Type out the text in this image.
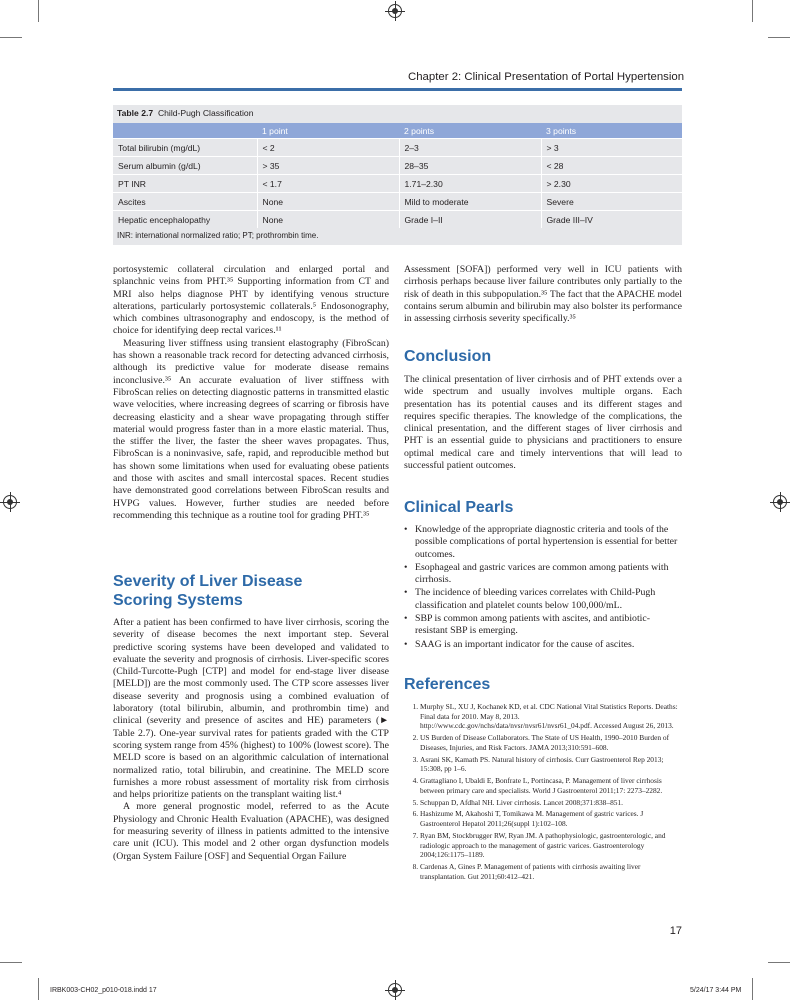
Chapter 2: Clinical Presentation of Portal Hypertension
Table 2.7 Child-Pugh Classification
	1 point	2 points	3 points
Total bilirubin (mg/dL)	< 2	2–3	> 3
Serum albumin (g/dL)	> 35	28–35	< 28
PT INR	< 1.7	1.71–2.30	> 2.30
Ascites	None	Mild to moderate	Severe
Hepatic encephalopathy	None	Grade I–II	Grade III–IV
INR: international normalized ratio; PT; prothrombin time.

portosystemic collateral circulation and enlarged portal and splanchnic veins from PHT.³⁵ Supporting information from CT and MRI also helps diagnose PHT by identifying venous structure alterations, particularly portosystemic collaterals.⁵ Endosonography, which combines ultrasonography and endoscopy, is the method of choice for identifying deep rectal varices.¹¹

Measuring liver stiffness using transient elastography (FibroScan) has shown a reasonable track record for detecting advanced cirrhosis, although its predictive value for moderate disease remains inconclusive.³⁵ An accurate evaluation of liver stiffness with FibroScan relies on detecting diagnostic patterns in transmitted elastic wave velocities, where increasing degrees of scarring or fibrosis have decreasing elasticity and a shear wave propagating through stiffer material would progress faster than in a more elastic material. Thus, the stiffer the liver, the faster the sheer waves propagates. Thus, FibroScan is a noninvasive, safe, rapid, and reproducible method but has shown some limitations when used for evaluating obese patients and those with ascites and small intercostal spaces. Recent studies have demonstrated good correlations between FibroScan results and HVPG values. However, further studies are needed before recommending this technique as a routine tool for grading PHT.³⁵

Severity of Liver Disease
Scoring Systems

After a patient has been confirmed to have liver cirrhosis, scoring the severity of disease becomes the next important step. Several predictive scoring systems have been developed and validated to evaluate the severity and prognosis of cirrhosis. Liver-specific scores (Child-Turcotte-Pugh [CTP] and model for end-stage liver disease [MELD]) are the most commonly used. The CTP score assesses liver disease severity and prognosis using a combined evaluation of laboratory (total bilirubin, albumin, and prothrombin time) and clinical (severity and presence of ascites and HE) parameters (► Table 2.7). One-year survival rates for patients graded with the CTP scoring system range from 45% (highest) to 100% (lowest score). The MELD score is based on an algorithmic calculation of international normalized ratio, total bilirubin, and creatinine. The MELD score furnishes a more robust assessment of mortality risk from cirrhosis and helps prioritize patients on the transplant waiting list.⁴

A more general prognostic model, referred to as the Acute Physiology and Chronic Health Evaluation (APACHE), was designed for measuring severity of illness in patients admitted to the intensive care unit (ICU). This model and 2 other organ dysfunction models (Organ System Failure [OSF] and Sequential Organ Failure

Assessment [SOFA]) performed very well in ICU patients with cirrhosis perhaps because liver failure contributes only partially to the risk of death in this subpopulation.³⁵ The fact that the APACHE model contains serum albumin and bilirubin may also bolster its performance in assessing cirrhosis severity specifically.³⁵

Conclusion

The clinical presentation of liver cirrhosis and of PHT extends over a wide spectrum and usually involves multiple organs. Each presentation has its potential causes and its different stages and requires specific therapies. The knowledge of the complications, the clinical presentation, and the different stages of liver cirrhosis and PHT is an essential guide to physicians and practitioners to ensure optimal medical care and timely interventions that will lead to successful patient outcomes.

Clinical Pearls
• Knowledge of the appropriate diagnostic criteria and tools of the possible complications of portal hypertension is essential for better outcomes.
• Esophageal and gastric varices are common among patients with cirrhosis.
• The incidence of bleeding varices correlates with Child-Pugh classification and platelet counts below 100,000/mL.
• SBP is common among patients with ascites, and antibiotic-resistant SBP is emerging.
• SAAG is an important indicator for the cause of ascites.
References
1. Murphy SL, XU J, Kochanek KD, et al. CDC National Vital Statistics Reports. Deaths: Final data for 2010. May 8, 2013. http://www.cdc.gov/nchs/data/nvsr/nvsr61/nvsr61_04.pdf. Accessed August 26, 2013.
2. US Burden of Disease Collaborators. The State of US Health, 1990–2010 Burden of Diseases, Injuries, and Risk Factors. JAMA 2013;310:591–608.
3. Asrani SK, Kamath PS. Natural history of cirrhosis. Curr Gastroenterol Rep 2013; 15:308, pp 1–6.
4. Grattagliano I, Ubaldi E, Bonfrate L, Portincasa, P. Management of liver cirrhosis between primary care and specialists. World J Gastroenterol 2011;17: 2273–2282.
5. Schuppan D, Afdhal NH. Liver cirrhosis. Lancet 2008;371:838–851.
6. Hashizume M, Akahoshi T, Tomikawa M. Management of gastric varices. J Gastroenterol Hepatol 2011;26(suppl 1):102–108.
7. Ryan BM, Stockbrugger RW, Ryan JM. A pathophysiologic, gastroenterologic, and radiologic approach to the management of gastric varices. Gastroenterology 2004;126:1175–1189.
8. Cardenas A, Gines P. Management of patients with cirrhosis awaiting liver transplantation. Gut 2011;60:412–421.
17
IRBK003-CH02_p010-018.indd 17	5/24/17 3:44 PM
